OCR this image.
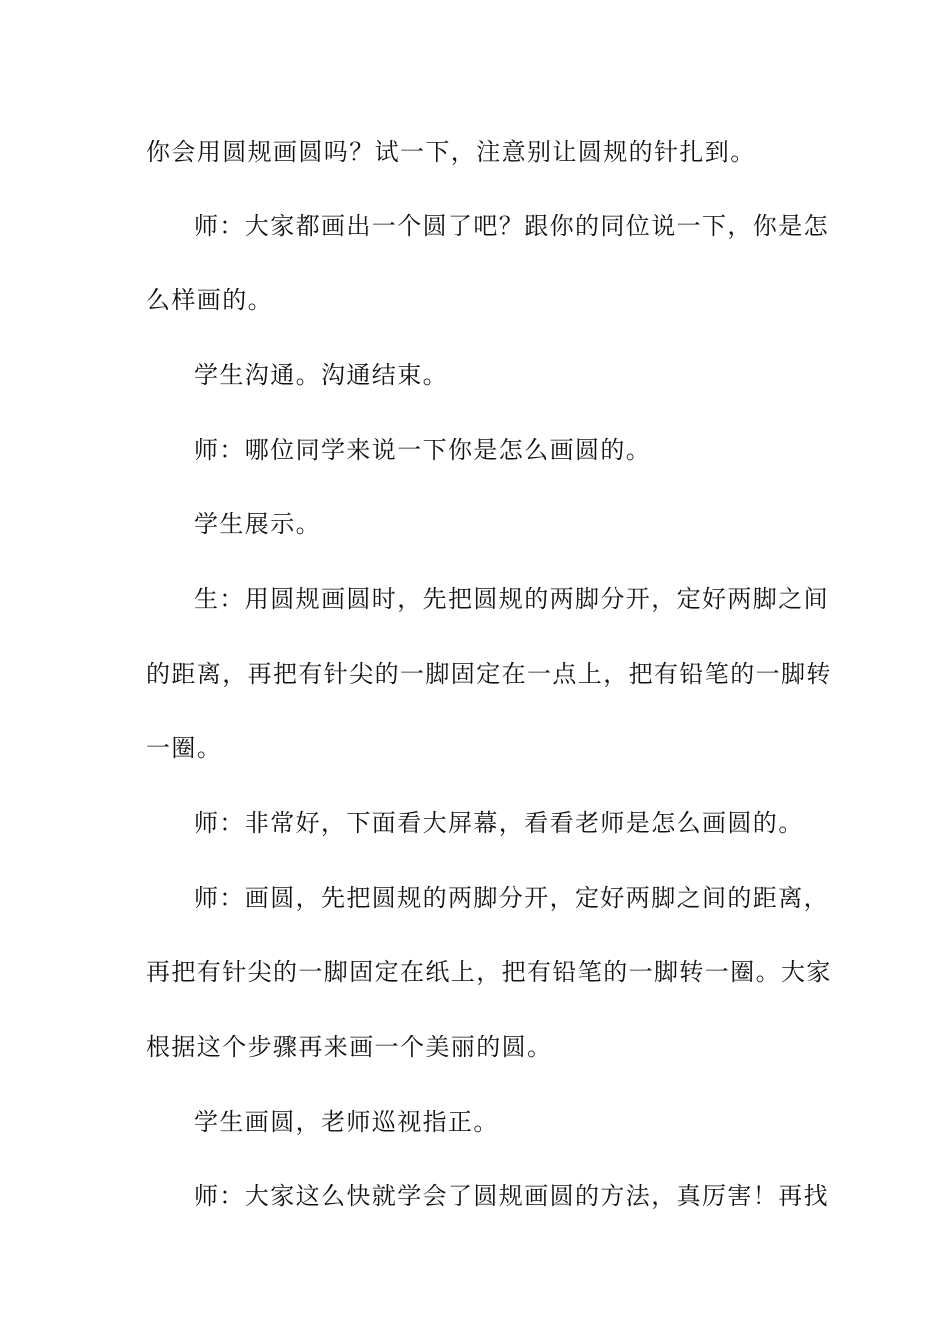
你会用圆规画圆吗？试一下，注意别让圆规的针扎到。
师：大家都画出一个圆了吧？跟你的同位说一下，你是怎
么样画的。
学生沟通。沟通结束。
师：哪位同学来说一下你是怎么画圆的。
学生展示。
生：用圆规画圆时，先把圆规的两脚分开，定好两脚之间
的距离，再把有针尖的一脚固定在一点上，把有铅笔的一脚转
一圈。
师：非常好，下面看大屏幕，看看老师是怎么画圆的。
师：画圆，先把圆规的两脚分开，定好两脚之间的距离，
再把有针尖的一脚固定在纸上，把有铅笔的一脚转一圈。大家
根据这个步骤再来画一个美丽的圆。
学生画圆，老师巡视指正。
师：大家这么快就学会了圆规画圆的方法，真厉害！再找
